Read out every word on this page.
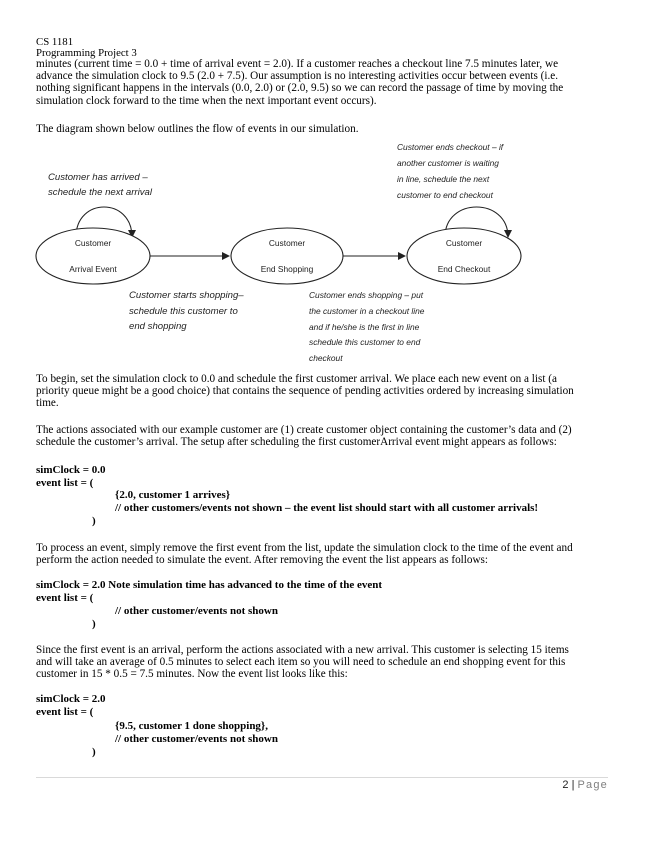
CS 1181
Programming Project 3
minutes (current time = 0.0 + time of arrival event = 2.0). If a customer reaches a checkout line 7.5 minutes later, we
advance the simulation clock to 9.5 (2.0 + 7.5). Our assumption is no interesting activities occur between events (i.e.
nothing significant happens in the intervals (0.0, 2.0) or (2.0, 9.5) so we can record the passage of time by moving the
simulation clock forward to the time when the next important event occurs).
The diagram shown below outlines the flow of events in our simulation.
Customer
Arrival Event
Customer
End Shopping
Customer
End Checkout
Customer has arrived –
schedule the next arrival
Customer ends checkout – if
another customer is waiting
in line, schedule the next
customer to end checkout
Customer starts shopping–
schedule this customer to
end shopping
Customer ends shopping – put
the customer in a checkout line
and if he/she is the first in line
schedule this customer to end
checkout
To begin, set the simulation clock to 0.0 and schedule the first customer arrival. We place each new event on a list (a
priority queue might be a good choice) that contains the sequence of pending activities ordered by increasing simulation
time.
The actions associated with our example customer are (1) create customer object containing the customer’s data and (2)
schedule the customer’s arrival. The setup after scheduling the first customerArrival event might appears as follows:
simClock = 0.0
event list = (
{2.0, customer 1 arrives}
// other customers/events not shown – the event list should start with all customer arrivals!
)
To process an event, simply remove the first event from the list, update the simulation clock to the time of the event and
perform the action needed to simulate the event. After removing the event the list appears as follows:
simClock = 2.0 Note simulation time has advanced to the time of the event
event list = (
// other customer/events not shown
)
Since the first event is an arrival, perform the actions associated with a new arrival. This customer is selecting 15 items
and will take an average of 0.5 minutes to select each item so you will need to schedule an end shopping event for this
customer in 15 * 0.5 = 7.5 minutes. Now the event list looks like this:
simClock = 2.0
event list = (
{9.5, customer 1 done shopping},
// other customer/events not shown
)
2 | Page
